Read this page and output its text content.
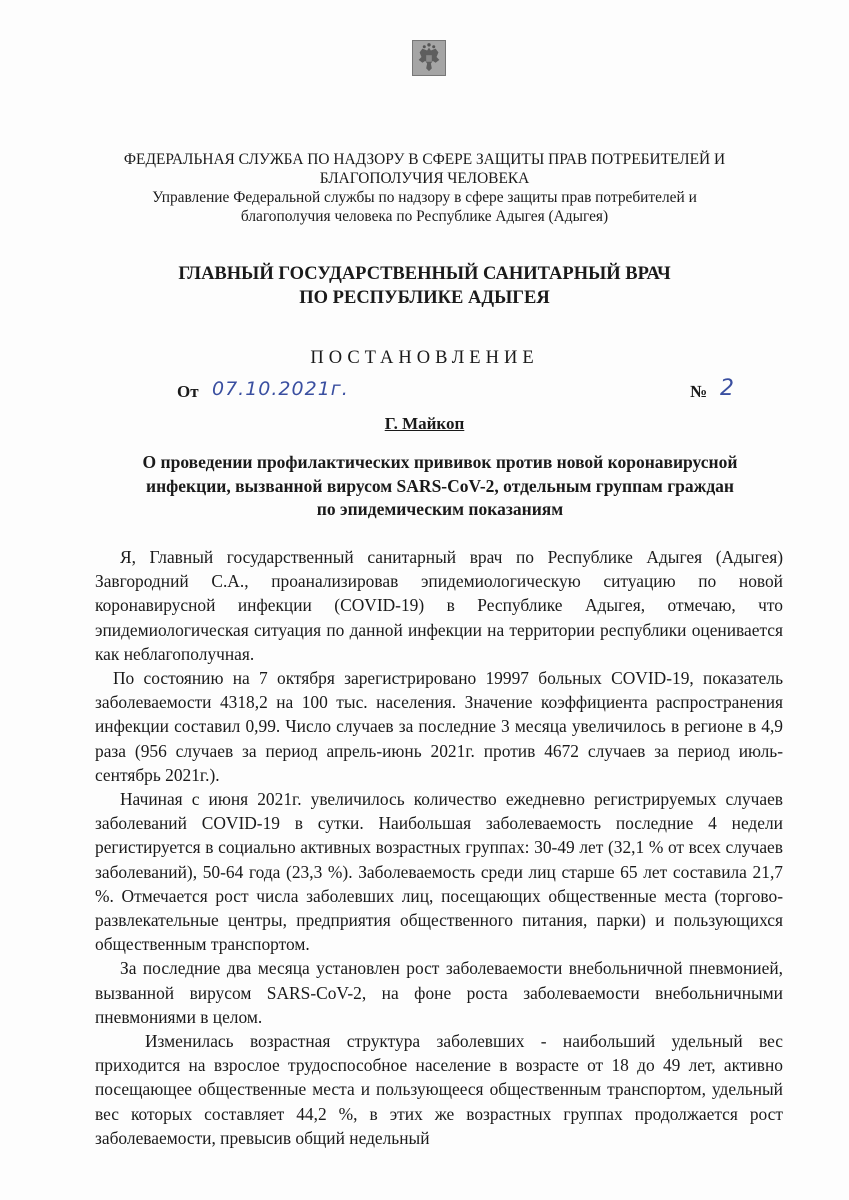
ФЕДЕРАЛЬНАЯ СЛУЖБА ПО НАДЗОРУ В СФЕРЕ ЗАЩИТЫ ПРАВ ПОТРЕБИТЕЛЕЙ И
БЛАГОПОЛУЧИЯ ЧЕЛОВЕКА
Управление Федеральной службы по надзору в сфере защиты прав потребителей и
благополучия человека по Республике Адыгея (Адыгея)
ГЛАВНЫЙ ГОСУДАРСТВЕННЫЙ САНИТАРНЫЙ ВРАЧ
ПО РЕСПУБЛИКЕ АДЫГЕЯ
ПОСТАНОВЛЕНИЕ
От 07.10.2021г.	№ 2
Г. Майкоп
О проведении профилактических прививок против новой коронавирусной
инфекции, вызванной вирусом SARS-CoV-2, отдельным группам граждан
по эпидемическим показаниям

Я, Главный государственный санитарный врач по Республике Адыгея (Адыгея) Завгородний С.А., проанализировав эпидемиологическую ситуацию по новой коронавирусной инфекции (COVID-19) в Республике Адыгея, отмечаю, что эпидемиологическая ситуация по данной инфекции на территории республики оценивается как неблагополучная.

По состоянию на 7 октября зарегистрировано 19997 больных COVID-19, показатель заболеваемости 4318,2 на 100 тыс. населения. Значение коэффициента распространения инфекции составил 0,99. Число случаев за последние 3 месяца увеличилось в регионе в 4,9 раза (956 случаев за период апрель-июнь 2021г. против 4672 случаев за период июль-сентябрь 2021г.).

Начиная с июня 2021г. увеличилось количество ежедневно регистрируемых случаев заболеваний COVID-19 в сутки. Наибольшая заболеваемость последние 4 недели регистируется в социально активных возрастных группах: 30-49 лет (32,1 % от всех случаев заболеваний), 50-64 года (23,3 %). Заболеваемость среди лиц старше 65 лет составила 21,7 %. Отмечается рост числа заболевших лиц, посещающих общественные места (торгово-развлекательные центры, предприятия общественного питания, парки) и пользующихся общественным транспортом.

За последние два месяца установлен рост заболеваемости внебольничной пневмонией, вызванной вирусом SARS-CoV-2, на фоне роста заболеваемости внебольничными пневмониями в целом.

Изменилась возрастная структура заболевших - наибольший удельный вес приходится на взрослое трудоспособное население в возрасте от 18 до 49 лет, активно посещающее общественные места и пользующееся общественным транспортом, удельный вес которых составляет 44,2 %, в этих же возрастных группах продолжается рост заболеваемости, превысив общий недельный
